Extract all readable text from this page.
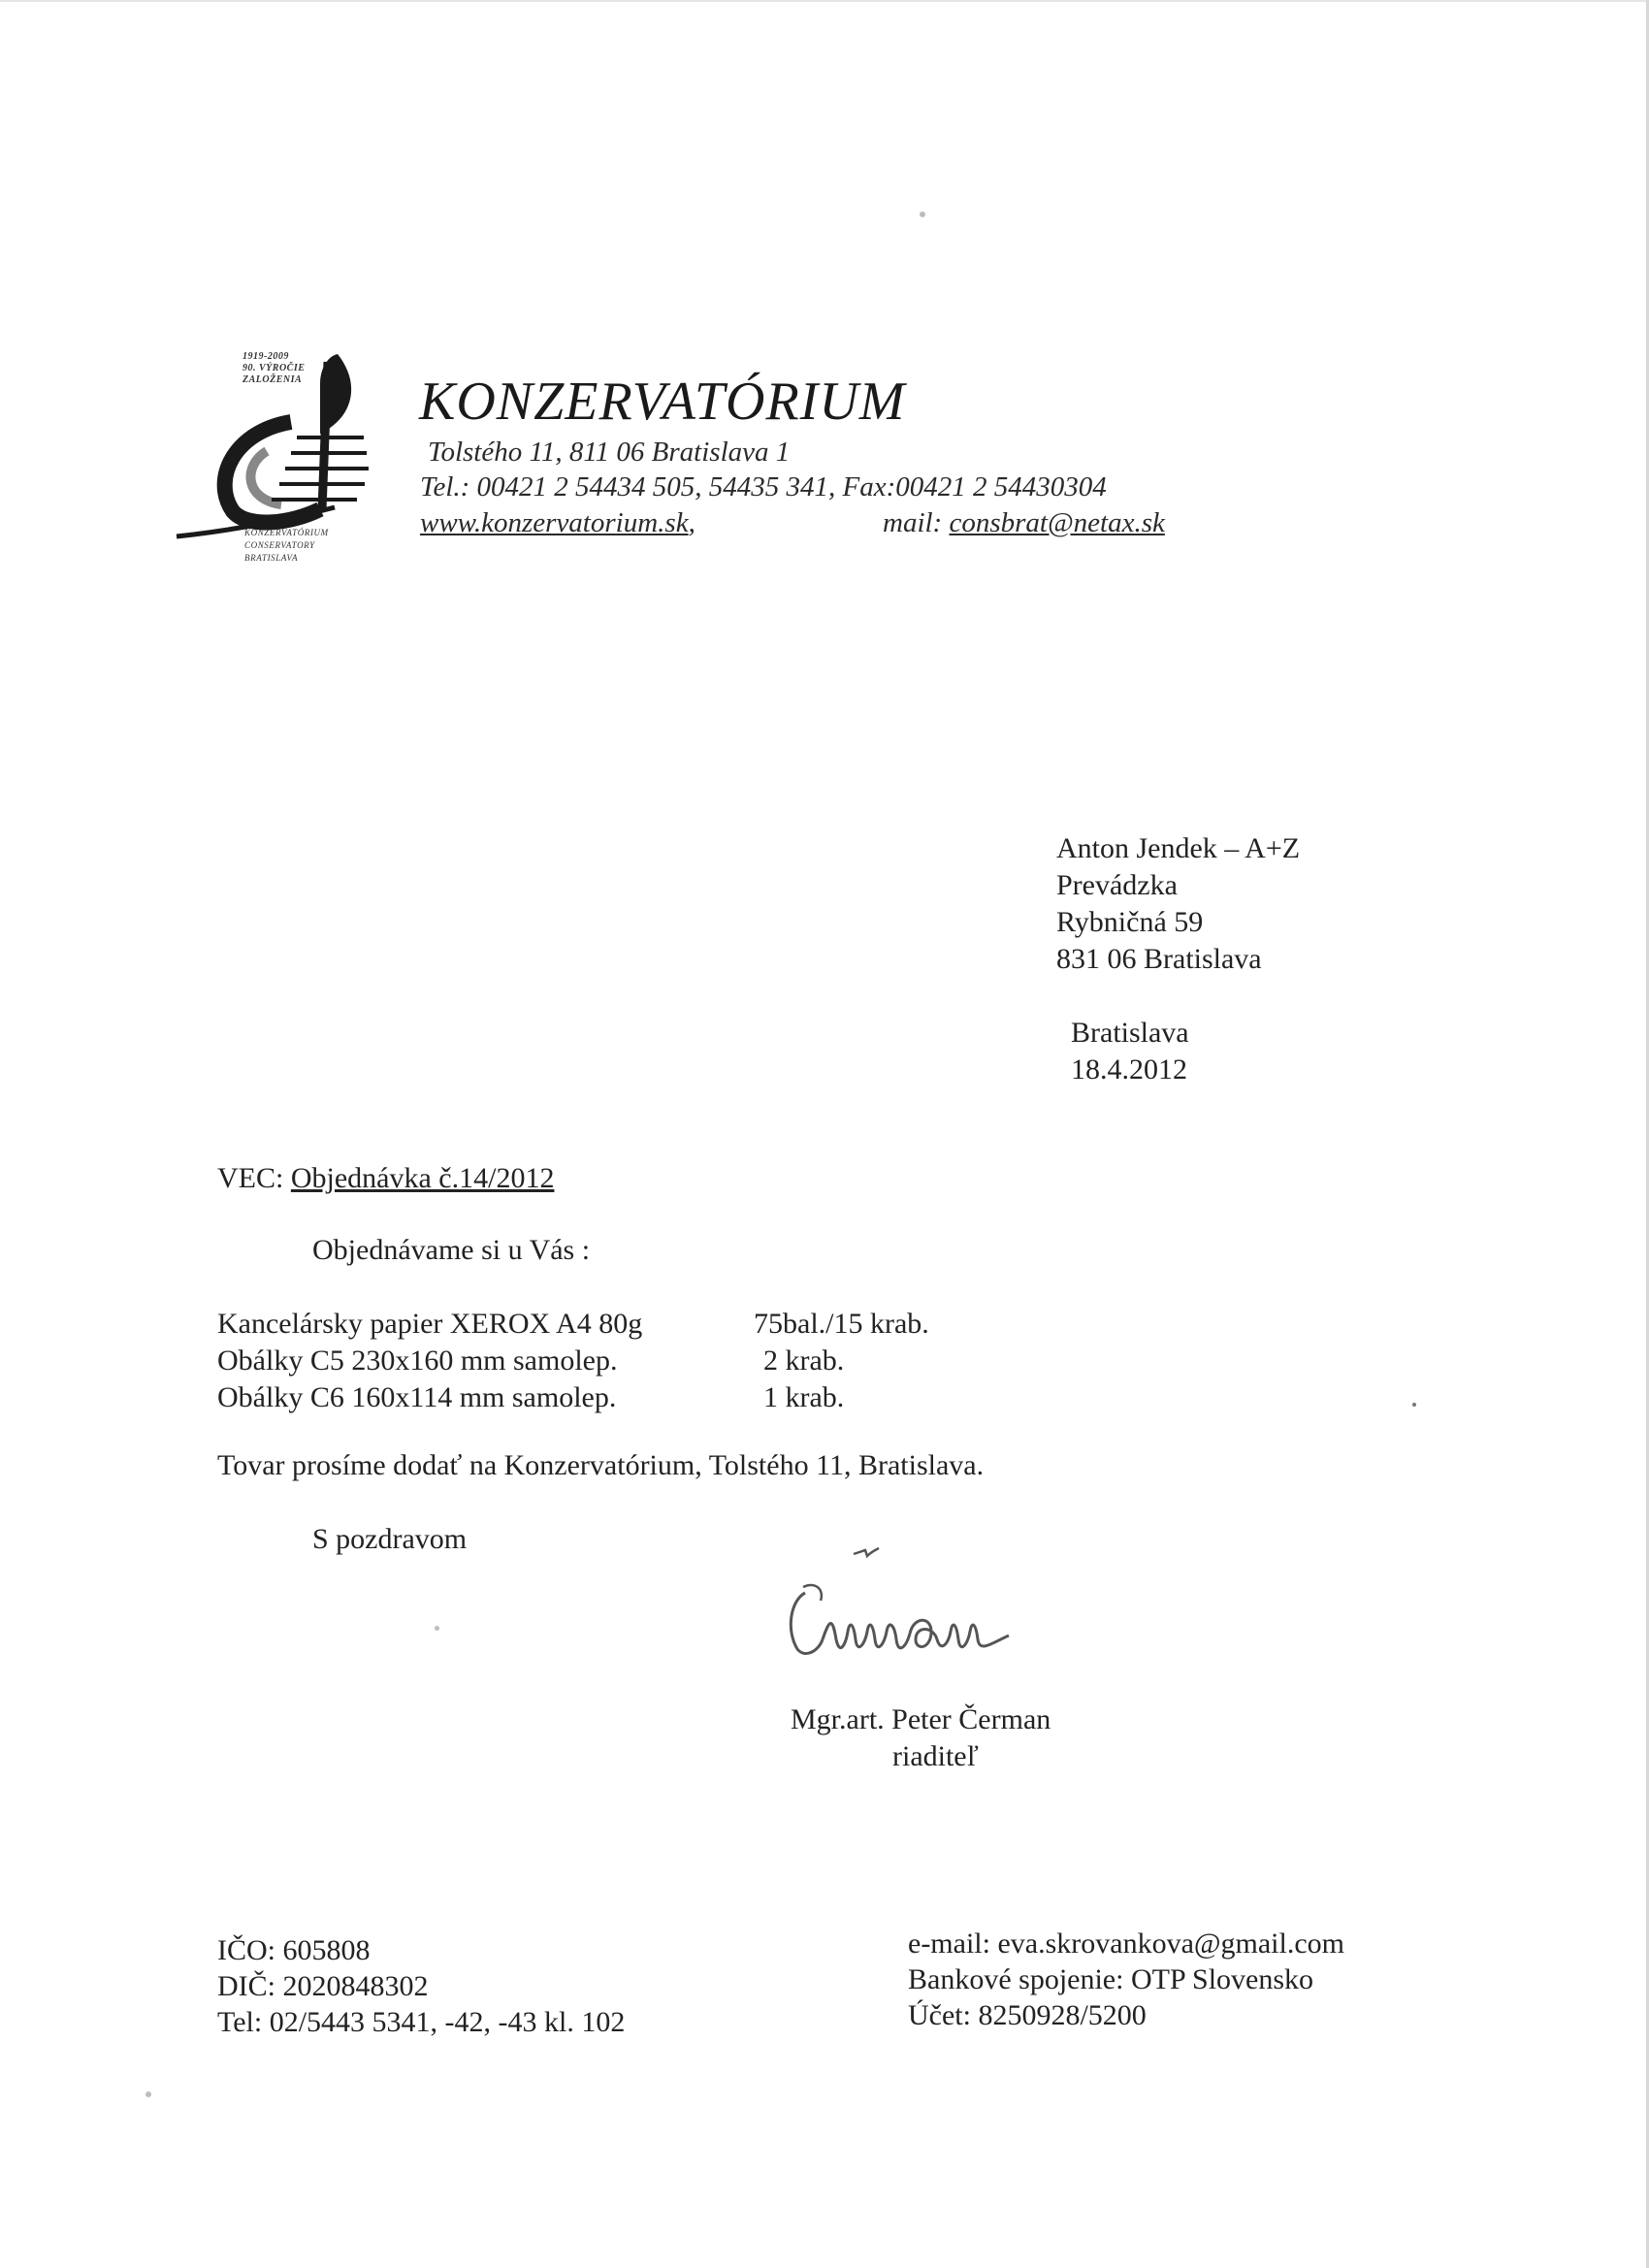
1919-2009
90. VÝROČIE
ZALOŽENIA
KONZERVATÓRIUM
CONSERVATORY
BRATISLAVA
KONZERVATÓRIUM
Tolstého 11, 811 06 Bratislava 1
Tel.: 00421 2 54434 505, 54435 341, Fax:00421 2 54430304
www.konzervatorium.sk,	mail: consbrat@netax.sk
Anton Jendek – A+Z
Prevádzka
Rybničná 59
831 06 Bratislava
Bratislava
18.4.2012
VEC: Objednávka č.14/2012
Objednávame si u Vás :
Kancelársky papier XEROX A4 80g
Obálky C5 230x160 mm samolep.
Obálky C6 160x114 mm samolep.
75bal./15 krab.
2 krab.
1 krab.
Tovar prosíme dodať na Konzervatórium, Tolstého 11, Bratislava.
S pozdravom
Mgr.art. Peter Čerman
riaditeľ
IČO: 605808
DIČ: 2020848302
Tel: 02/5443 5341, -42, -43 kl. 102
e-mail: eva.skrovankova@gmail.com
Bankové spojenie: OTP Slovensko
Účet: 8250928/5200
